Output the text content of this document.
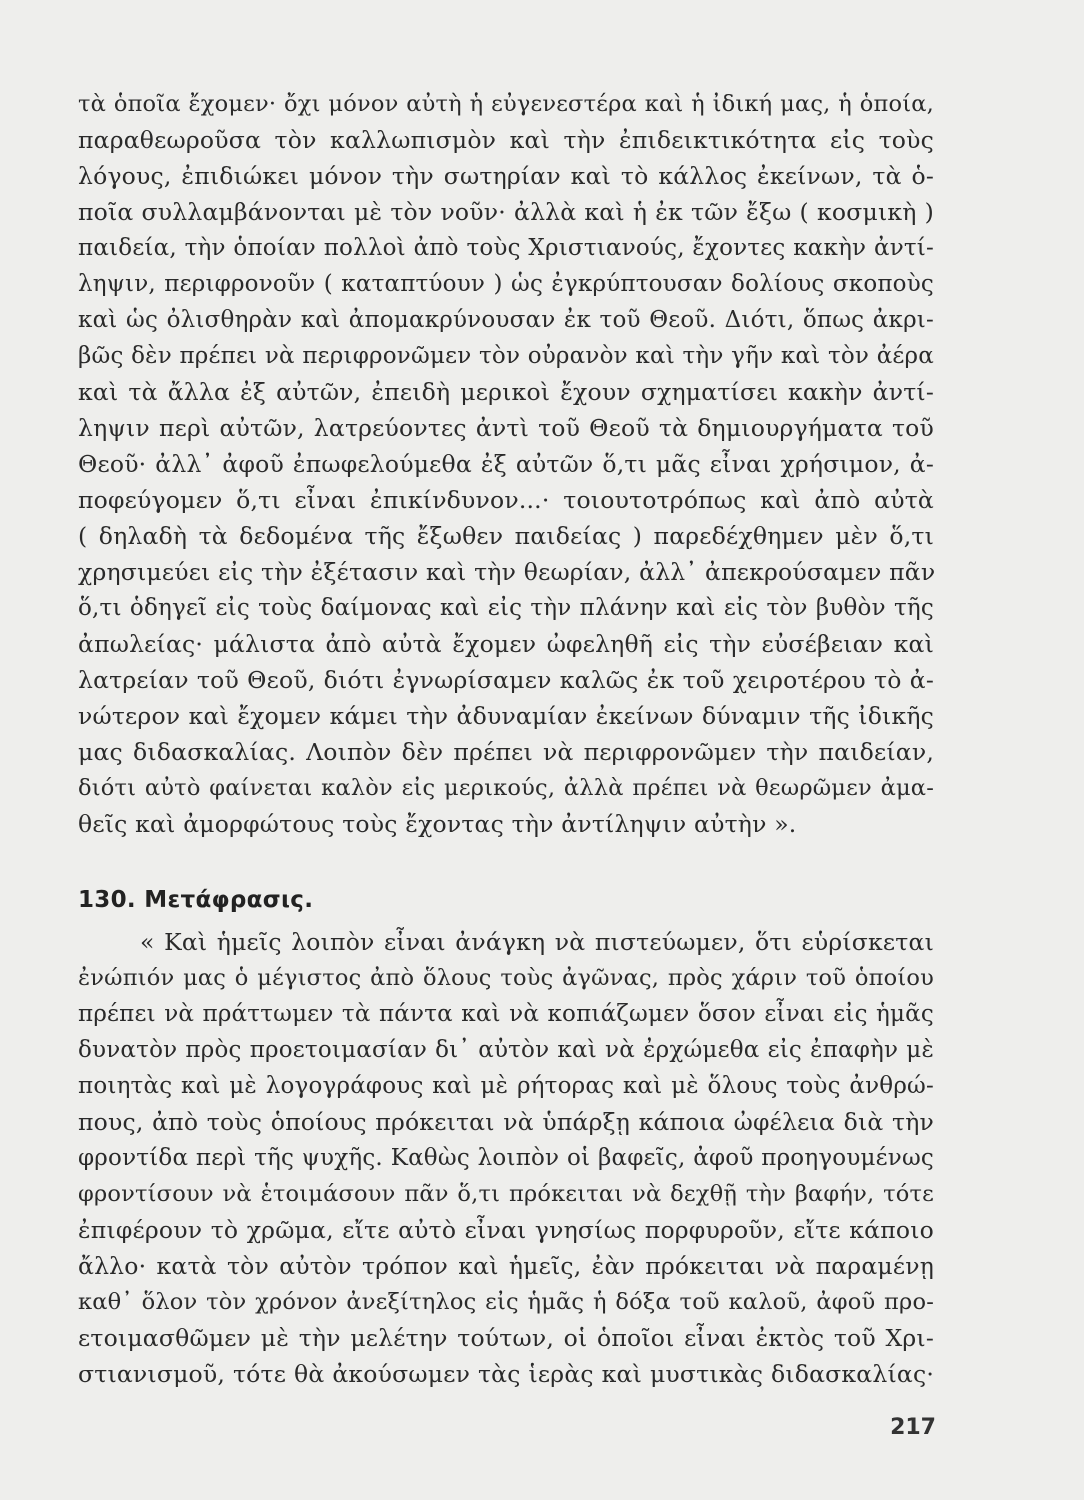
τὰ ὁποῖα ἔχομεν· ὄχι μόνον αὐτὴ ἡ εὐγενεστέρα καὶ ἡ ἰδική μας, ἡ ὁποία,
παραθεωροῦσα τὸν καλλωπισμὸν καὶ τὴν ἐπιδεικτικότητα εἰς τοὺς
λόγους, ἐπιδιώκει μόνον τὴν σωτηρίαν καὶ τὸ κάλλος ἐκείνων, τὰ ὁ-
ποῖα συλλαμβάνονται μὲ τὸν νοῦν· ἀλλὰ καὶ ἡ ἐκ τῶν ἔξω ( κοσμικὴ )
παιδεία, τὴν ὁποίαν πολλοὶ ἀπὸ τοὺς Χριστιανούς, ἔχοντες κακὴν ἀντί-
ληψιν, περιφρονοῦν ( καταπτύουν ) ὡς ἐγκρύπτουσαν δολίους σκοποὺς
καὶ ὡς ὀλισθηρὰν καὶ ἀπομακρύνουσαν ἐκ τοῦ Θεοῦ. Διότι, ὅπως ἀκρι-
βῶς δὲν πρέπει νὰ περιφρονῶμεν τὸν οὐρανὸν καὶ τὴν γῆν καὶ τὸν ἀέρα
καὶ τὰ ἄλλα ἐξ αὐτῶν, ἐπειδὴ μερικοὶ ἔχουν σχηματίσει κακὴν ἀντί-
ληψιν περὶ αὐτῶν, λατρεύοντες ἀντὶ τοῦ Θεοῦ τὰ δημιουργήματα τοῦ
Θεοῦ· ἀλλ᾽ ἀφοῦ ἐπωφελούμεθα ἐξ αὐτῶν ὅ,τι μᾶς εἶναι χρήσιμον, ἀ-
ποφεύγομεν ὅ,τι εἶναι ἐπικίνδυνον...· τοιουτοτρόπως καὶ ἀπὸ αὐτὰ
( δηλαδὴ τὰ δεδομένα τῆς ἔξωθεν παιδείας ) παρεδέχθημεν μὲν ὅ,τι
χρησιμεύει εἰς τὴν ἐξέτασιν καὶ τὴν θεωρίαν, ἀλλ᾽ ἀπεκρούσαμεν πᾶν
ὅ,τι ὁδηγεῖ εἰς τοὺς δαίμονας καὶ εἰς τὴν πλάνην καὶ εἰς τὸν βυθὸν τῆς
ἀπωλείας· μάλιστα ἀπὸ αὐτὰ ἔχομεν ὠφεληθῆ εἰς τὴν εὐσέβειαν καὶ
λατρείαν τοῦ Θεοῦ, διότι ἐγνωρίσαμεν καλῶς ἐκ τοῦ χειροτέρου τὸ ἀ-
νώτερον καὶ ἔχομεν κάμει τὴν ἀδυναμίαν ἐκείνων δύναμιν τῆς ἰδικῆς
μας διδασκαλίας. Λοιπὸν δὲν πρέπει νὰ περιφρονῶμεν τὴν παιδείαν,
διότι αὐτὸ φαίνεται καλὸν εἰς μερικούς, ἀλλὰ πρέπει νὰ θεωρῶμεν ἀμα-
θεῖς καὶ ἀμορφώτους τοὺς ἔχοντας τὴν ἀντίληψιν αὐτὴν ».
130. Μετάφρασις.
« Καὶ ἡμεῖς λοιπὸν εἶναι ἀνάγκη νὰ πιστεύωμεν, ὅτι εὑρίσκεται
ἐνώπιόν μας ὁ μέγιστος ἀπὸ ὅλους τοὺς ἀγῶνας, πρὸς χάριν τοῦ ὁποίου
πρέπει νὰ πράττωμεν τὰ πάντα καὶ νὰ κοπιάζωμεν ὅσον εἶναι εἰς ἡμᾶς
δυνατὸν πρὸς προετοιμασίαν δι᾽ αὐτὸν καὶ νὰ ἐρχώμεθα εἰς ἐπαφὴν μὲ
ποιητὰς καὶ μὲ λογογράφους καὶ μὲ ρήτορας καὶ μὲ ὅλους τοὺς ἀνθρώ-
πους, ἀπὸ τοὺς ὁποίους πρόκειται νὰ ὑπάρξῃ κάποια ὠφέλεια διὰ τὴν
φροντίδα περὶ τῆς ψυχῆς. Καθὼς λοιπὸν οἱ βαφεῖς, ἀφοῦ προηγουμένως
φροντίσουν νὰ ἑτοιμάσουν πᾶν ὅ,τι πρόκειται νὰ δεχθῇ τὴν βαφήν, τότε
ἐπιφέρουν τὸ χρῶμα, εἴτε αὐτὸ εἶναι γνησίως πορφυροῦν, εἴτε κάποιο
ἄλλο· κατὰ τὸν αὐτὸν τρόπον καὶ ἡμεῖς, ἐὰν πρόκειται νὰ παραμένῃ
καθ᾽ ὅλον τὸν χρόνον ἀνεξίτηλος εἰς ἡμᾶς ἡ δόξα τοῦ καλοῦ, ἀφοῦ προ-
ετοιμασθῶμεν μὲ τὴν μελέτην τούτων, οἱ ὁποῖοι εἶναι ἐκτὸς τοῦ Χρι-
στιανισμοῦ, τότε θὰ ἀκούσωμεν τὰς ἱερὰς καὶ μυστικὰς διδασκαλίας·
217
